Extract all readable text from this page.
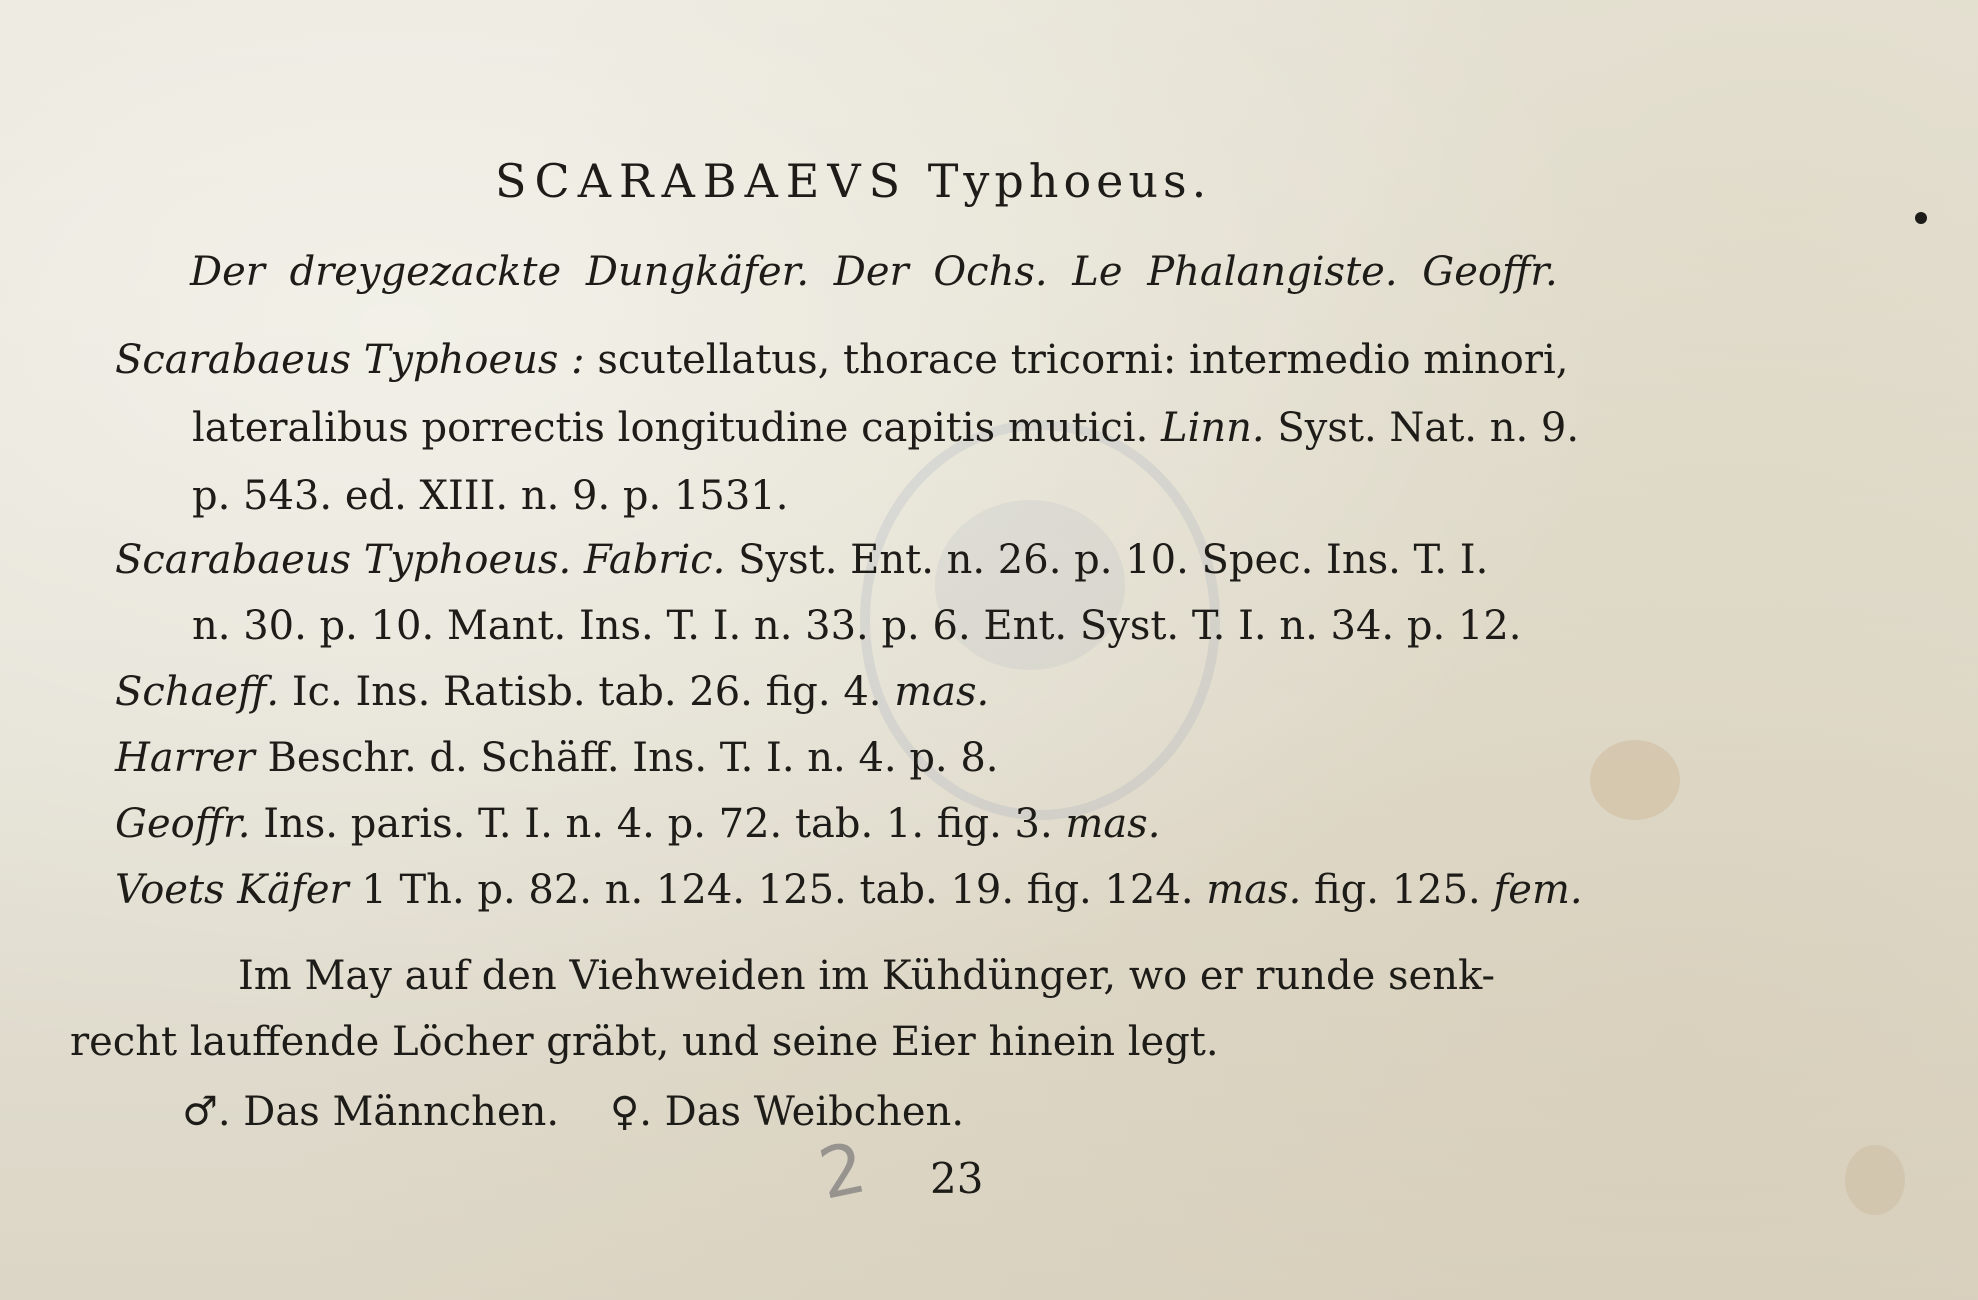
SCARABAEVS Typhoeus.
Der dreygezackte Dungkäfer. Der Ochs. Le Phalangiste. Geoffr.
Scarabaeus Typhoeus : scutellatus, thorace tricorni: intermedio minori,
lateralibus porrectis longitudine capitis mutici. Linn. Syst. Nat. n. 9.
p. 543. ed. XIII. n. 9. p. 1531.
Scarabaeus Typhoeus. Fabric. Syst. Ent. n. 26. p. 10. Spec. Ins. T. I.
n. 30. p. 10. Mant. Ins. T. I. n. 33. p. 6. Ent. Syst. T. I. n. 34. p. 12.
Schaeff. Ic. Ins. Ratisb. tab. 26. fig. 4. mas.
Harrer Beschr. d. Schäff. Ins. T. I. n. 4. p. 8.
Geoffr. Ins. paris. T. I. n. 4. p. 72. tab. 1. fig. 3. mas.
Voets Käfer 1 Th. p. 82. n. 124. 125. tab. 19. fig. 124. mas. fig. 125. fem.
Im May auf den Viehweiden im Kühdünger, wo er runde senk-
recht lauffende Löcher gräbt, und seine Eier hinein legt.
♂. Das Männchen. ♀. Das Weibchen.
2 23
